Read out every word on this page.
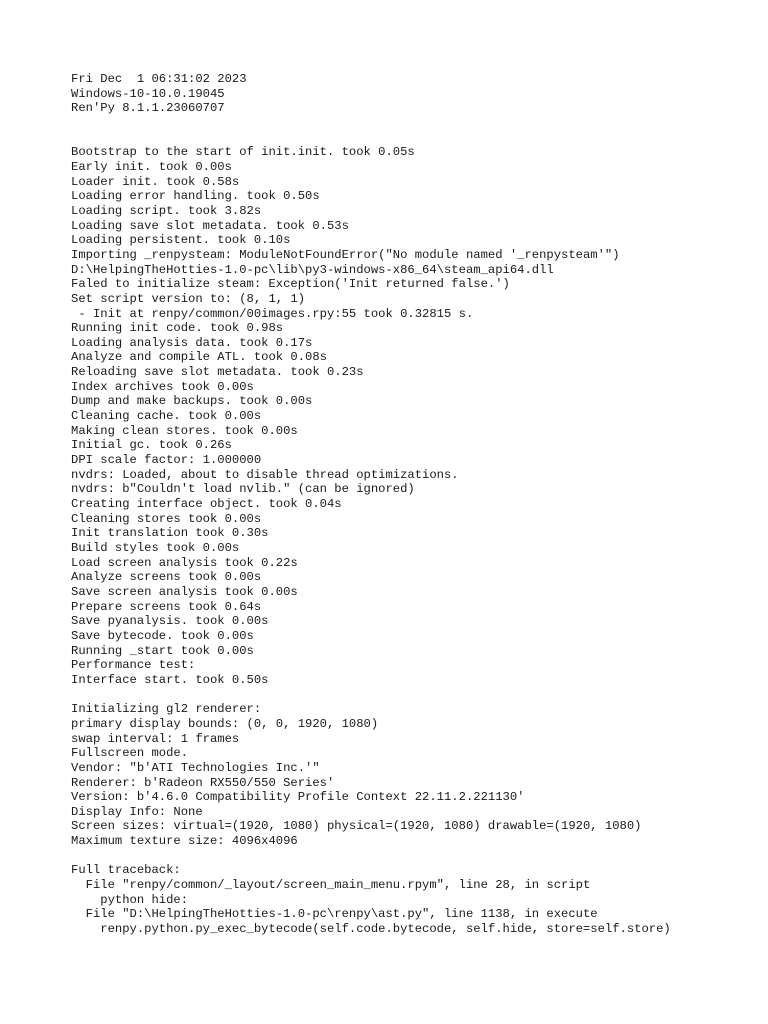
Fri Dec  1 06:31:02 2023
Windows-10-10.0.19045
Ren'Py 8.1.1.23060707
Bootstrap to the start of init.init. took 0.05s
Early init. took 0.00s
Loader init. took 0.58s
Loading error handling. took 0.50s
Loading script. took 3.82s
Loading save slot metadata. took 0.53s
Loading persistent. took 0.10s
Importing _renpysteam: ModuleNotFoundError("No module named '_renpysteam'")
D:\HelpingTheHotties-1.0-pc\lib\py3-windows-x86_64\steam_api64.dll
Faled to initialize steam: Exception('Init returned false.')
Set script version to: (8, 1, 1)
- Init at renpy/common/00images.rpy:55 took 0.32815 s.
Running init code. took 0.98s
Loading analysis data. took 0.17s
Analyze and compile ATL. took 0.08s
Reloading save slot metadata. took 0.23s
Index archives took 0.00s
Dump and make backups. took 0.00s
Cleaning cache. took 0.00s
Making clean stores. took 0.00s
Initial gc. took 0.26s
DPI scale factor: 1.000000
nvdrs: Loaded, about to disable thread optimizations.
nvdrs: b"Couldn't load nvlib." (can be ignored)
Creating interface object. took 0.04s
Cleaning stores took 0.00s
Init translation took 0.30s
Build styles took 0.00s
Load screen analysis took 0.22s
Analyze screens took 0.00s
Save screen analysis took 0.00s
Prepare screens took 0.64s
Save pyanalysis. took 0.00s
Save bytecode. took 0.00s
Running _start took 0.00s
Performance test:
Interface start. took 0.50s
Initializing gl2 renderer:
primary display bounds: (0, 0, 1920, 1080)
swap interval: 1 frames
Fullscreen mode.
Vendor: "b'ATI Technologies Inc.'"
Renderer: b'Radeon RX550/550 Series'
Version: b'4.6.0 Compatibility Profile Context 22.11.2.221130'
Display Info: None
Screen sizes: virtual=(1920, 1080) physical=(1920, 1080) drawable=(1920, 1080)
Maximum texture size: 4096x4096
Full traceback:
File "renpy/common/_layout/screen_main_menu.rpym", line 28, in script
python hide:
File "D:\HelpingTheHotties-1.0-pc\renpy\ast.py", line 1138, in execute
renpy.python.py_exec_bytecode(self.code.bytecode, self.hide, store=self.store)
